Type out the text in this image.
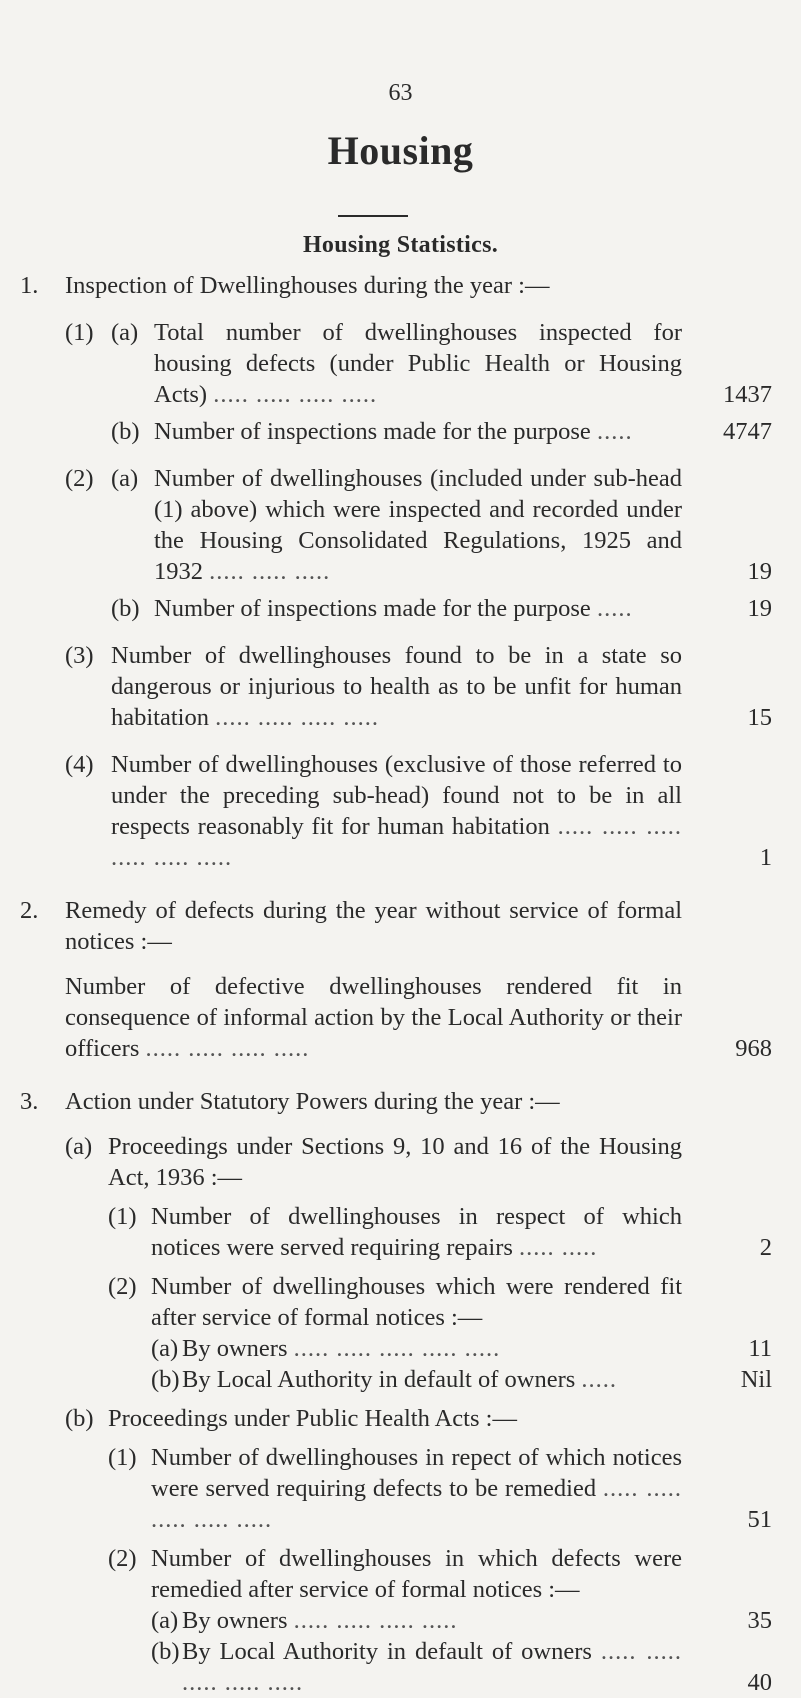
63
Housing
Housing Statistics.
1. Inspection of Dwellinghouses during the year :—
(1) (a) Total number of dwellinghouses inspected for housing defects (under Public Health or Housing Acts) ..... ..... ..... .....	1437
(b) Number of inspections made for the purpose .....	4747
(2) (a) Number of dwellinghouses (included under sub-head (1) above) which were inspected and recorded under the Housing Consolidated Regulations, 1925 and 1932 ..... ..... .....	19
(b) Number of inspections made for the purpose .....	19
(3) Number of dwellinghouses found to be in a state so dangerous or injurious to health as to be unfit for human habitation ..... ..... ..... .....	15
(4) Number of dwellinghouses (exclusive of those referred to under the preceding sub-head) found not to be in all respects reasonably fit for human habitation ..... ..... ..... ..... ..... .....	1
2. Remedy of defects during the year without service of formal notices :—
Number of defective dwellinghouses rendered fit in consequence of informal action by the Local Authority or their officers ..... ..... ..... .....	968
3. Action under Statutory Powers during the year :—
(a) Proceedings under Sections 9, 10 and 16 of the Housing Act, 1936 :—
(1) Number of dwellinghouses in respect of which notices were served requiring repairs ..... .....	2
(2) Number of dwellinghouses which were rendered fit after service of formal notices :—
(a) By owners ..... ..... ..... ..... .....	11
(b) By Local Authority in default of owners .....	Nil
(b) Proceedings under Public Health Acts :—
(1) Number of dwellinghouses in repect of which notices were served requiring defects to be remedied ..... ..... ..... ..... .....	51
(2) Number of dwellinghouses in which defects were remedied after service of formal notices :—
(a) By owners ..... ..... ..... .....	35
(b) By Local Authority in default of owners ..... ..... ..... ..... .....	40
